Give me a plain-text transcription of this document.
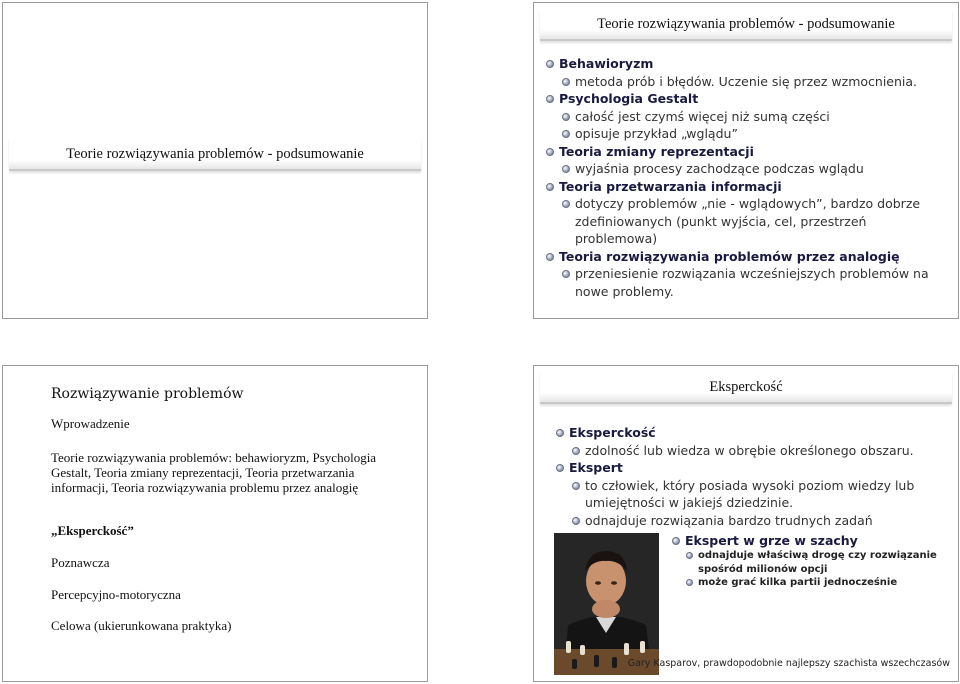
Teorie rozwiązywania problemów - podsumowanie
Teorie rozwiązywania problemów - podsumowanie
Behawioryzm
metoda prób i błędów. Uczenie się przez wzmocnienia.
Psychologia Gestalt
całość jest czymś więcej niż sumą części
opisuje przykład „wglądu”
Teoria zmiany reprezentacji
wyjaśnia procesy zachodzące podczas wglądu
Teoria przetwarzania informacji
dotyczy problemów „nie - wglądowych”, bardzo dobrze zdefiniowanych (punkt wyjścia, cel, przestrzeń problemowa)
Teoria rozwiązywania problemów przez analogię
przeniesienie rozwiązania wcześniejszych problemów na nowe problemy.
Rozwiązywanie problemów
Wprowadzenie
Teorie rozwiązywania problemów: behawioryzm, Psychologia Gestalt, Teoria zmiany reprezentacji, Teoria przetwarzania informacji, Teoria rozwiązywania problemu przez analogię
„Eksperckość”
Poznawcza
Percepcyjno-motoryczna
Celowa (ukierunkowana praktyka)
Eksperckość
Eksperckość
zdolność lub wiedza w obrębie określonego obszaru.
Ekspert
to człowiek, który posiada wysoki poziom wiedzy lub umiejętności w jakiejś dziedzinie.
odnajduje rozwiązania bardzo trudnych zadań
Ekspert w grze w szachy
odnajduje właściwą drogę czy rozwiązanie spośród milionów opcji
może grać kilka partii jednocześnie
Gary Kasparov, prawdopodobnie najlepszy szachista wszechczasów
